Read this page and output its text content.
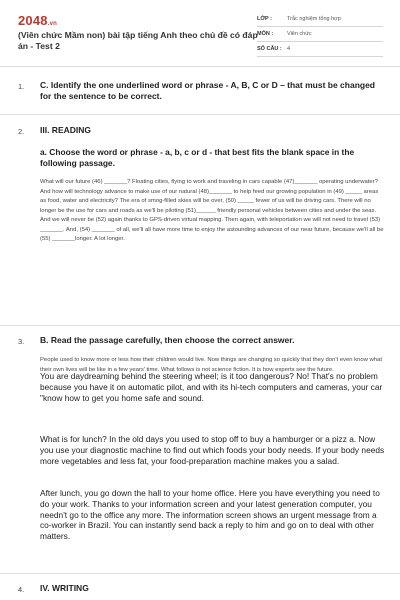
2048.vn
(Viên chức Mầm non) bài tập tiếng Anh theo chủ đề có đáp án - Test 2
LỚP :	Trắc nghiệm tổng hợp
MÔN :	Viên chức
SỐ CÂU : 4
1. C. Identify the one underlined word or phrase - A, B, C or D – that must be changed for the sentence to be correct.
2. III. READING
a. Choose the word or phrase - a, b, c or d - that best fits the blank space in the following passage.
What will our future (46) _______? Floating cities, flying to work and traveling in cars capable (47)_______ operating underwater? And how will technology advance to make use of our natural (48)_______ to help feed our growing population in (49) _____ areas as food, water and electricity? The era of smog-filled skies will be over, (50) _____ fewer of us will be driving cars. There will no longer be the use for cars and roads as we'll be piloting (51)______ friendly personal vehicles between cities and under the seas. And we will never be (52) again thanks to GPS-driven virtual mapping. Then again, with teleportation we will not need to travel (53) _______. And, (54) _______ of all, we'll all have more time to enjoy the astounding advances of our near future, because we'll all be (55) _______longer. A lot longer.
3. B. Read the passage carefully, then choose the correct answer.
People used to know more or less how their children would live. Now things are changing so quickly that they don't even know what their own lives will be like in a few years' time. What follows is not science fiction. It is how experts see the future.
You are daydreaming behind the steering wheel; is it too dangerous? No! That's no problem because you have it on automatic pilot, and with its hi-tech computers and cameras, your car "know how to get you home safe and sound.
What is for lunch? In the old days you used to stop off to buy a hamburger or a pizz a. Now you use your diagnostic machine to find out which foods your body needs. If your body needs more vegetables and less fat, your food-preparation machine makes you a salad.
After lunch, you go down the hall to your home office. Here you have everything you need to do your work. Thanks to your information screen and your latest generation computer, you needn't go to the office any more. The information screen shows an urgent message from a co-worker in Brazil. You can instantly send back a reply to him and go on to deal with other matters.
4. IV. WRITING
